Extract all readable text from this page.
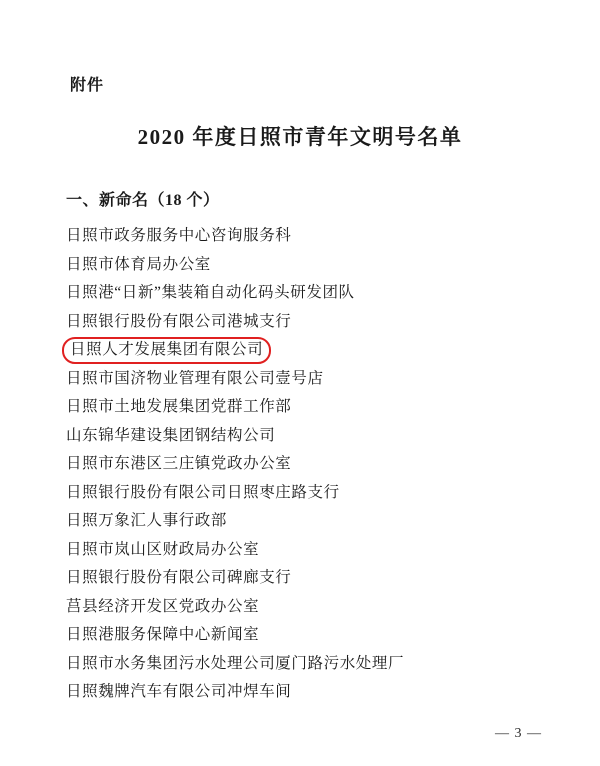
附件
2020 年度日照市青年文明号名单
一、新命名（18 个）
日照市政务服务中心咨询服务科
日照市体育局办公室
日照港“日新”集装箱自动化码头研发团队
日照银行股份有限公司港城支行
日照人才发展集团有限公司
日照市国济物业管理有限公司壹号店
日照市土地发展集团党群工作部
山东锦华建设集团钢结构公司
日照市东港区三庄镇党政办公室
日照银行股份有限公司日照枣庄路支行
日照万象汇人事行政部
日照市岚山区财政局办公室
日照银行股份有限公司碑廊支行
莒县经济开发区党政办公室
日照港服务保障中心新闻室
日照市水务集团污水处理公司厦门路污水处理厂
日照魏牌汽车有限公司冲焊车间
— 3 —
